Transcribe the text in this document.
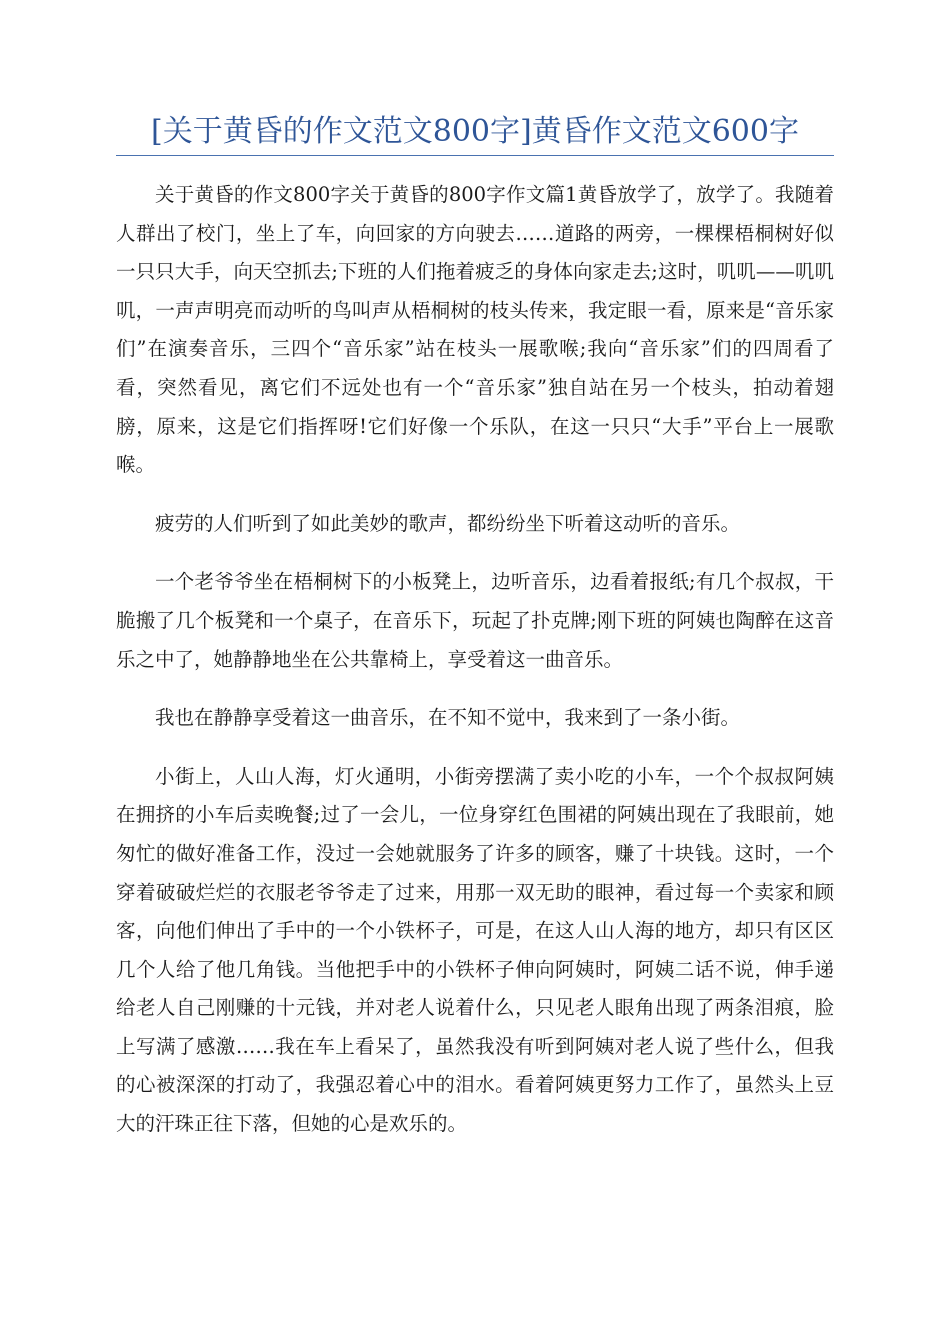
[关于黄昏的作文范文800字]黄昏作文范文600字

关于黄昏的作文800字关于黄昏的800字作文篇1黄昏放学了，放学了。我随着人群出了校门，坐上了车，向回家的方向驶去……道路的两旁，一棵棵梧桐树好似一只只大手，向天空抓去;下班的人们拖着疲乏的身体向家走去;这时，叽叽——叽叽叽，一声声明亮而动听的鸟叫声从梧桐树的枝头传来，我定眼一看，原来是“音乐家们”在演奏音乐，三四个“音乐家”站在枝头一展歌喉;我向“音乐家”们的四周看了看，突然看见，离它们不远处也有一个“音乐家”独自站在另一个枝头，拍动着翅膀，原来，这是它们指挥呀!它们好像一个乐队，在这一只只“大手”平台上一展歌喉。

疲劳的人们听到了如此美妙的歌声，都纷纷坐下听着这动听的音乐。

一个老爷爷坐在梧桐树下的小板凳上，边听音乐，边看着报纸;有几个叔叔，干脆搬了几个板凳和一个桌子，在音乐下，玩起了扑克牌;刚下班的阿姨也陶醉在这音乐之中了，她静静地坐在公共靠椅上，享受着这一曲音乐。

我也在静静享受着这一曲音乐，在不知不觉中，我来到了一条小街。

小街上，人山人海，灯火通明，小街旁摆满了卖小吃的小车，一个个叔叔阿姨在拥挤的小车后卖晚餐;过了一会儿，一位身穿红色围裙的阿姨出现在了我眼前，她匆忙的做好准备工作，没过一会她就服务了许多的顾客，赚了十块钱。这时，一个穿着破破烂烂的衣服老爷爷走了过来，用那一双无助的眼神，看过每一个卖家和顾客，向他们伸出了手中的一个小铁杯子，可是，在这人山人海的地方，却只有区区几个人给了他几角钱。当他把手中的小铁杯子伸向阿姨时，阿姨二话不说，伸手递给老人自己刚赚的十元钱，并对老人说着什么，只见老人眼角出现了两条泪痕，脸上写满了感激……我在车上看呆了，虽然我没有听到阿姨对老人说了些什么，但我的心被深深的打动了，我强忍着心中的泪水。看着阿姨更努力工作了，虽然头上豆大的汗珠正往下落，但她的心是欢乐的。
